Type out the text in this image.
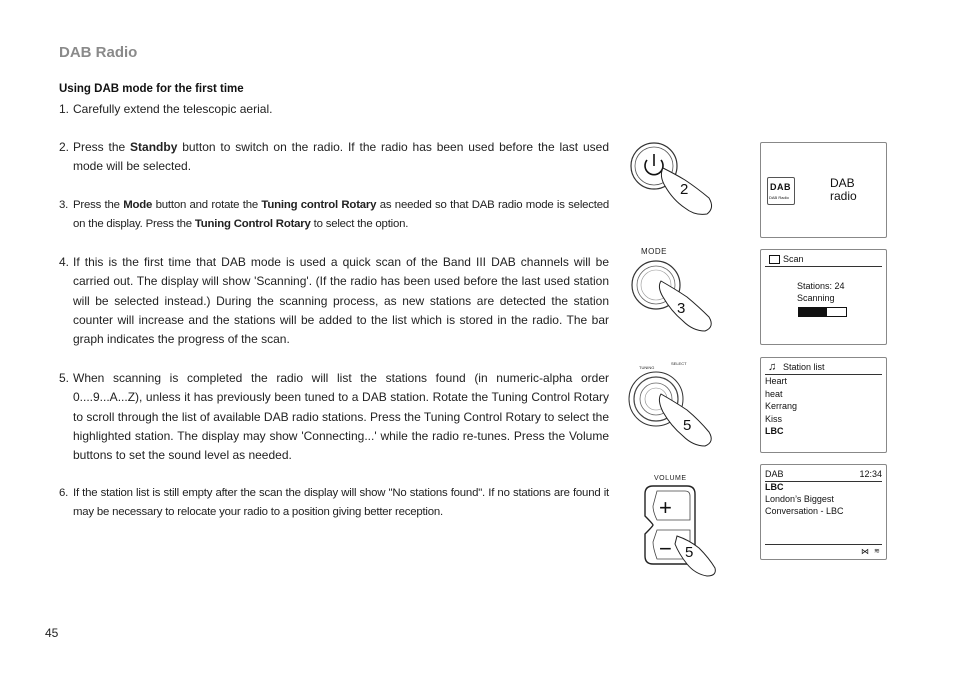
DAB Radio
Using DAB mode for the first time
1. Carefully extend the telescopic aerial.
2. Press the Standby button to switch on the radio. If the radio has been used before the last used mode will be selected.
3. Press the Mode button and rotate the Tuning control Rotary as needed so that DAB radio mode is selected on the display. Press the Tuning Control Rotary to select the option.
4. If this is the first time that DAB mode is used a quick scan of the Band III DAB channels will be carried out. The display will show 'Scanning'. (If the radio has been used before the last used station will be selected instead.) During the scanning process, as new stations are detected the station counter will increase and the stations will be added to the list which is stored in the radio. The bar graph indicates the progress of the scan.
5. When scanning is completed the radio will list the stations found (in numeric-alpha order 0....9...A...Z), unless it has previously been tuned to a DAB station. Rotate the Tuning Control Rotary to scroll through the list of available DAB radio stations. Press the Tuning Control Rotary to select the highlighted station. The display may show 'Connecting...' while the radio re-tunes. Press the Volume buttons to set the sound level as needed.
6. If the station list is still empty after the scan the display will show "No stations found". If no stations are found it may be necessary to relocate your radio to a position giving better reception.
45
2
MODE
3
TUNING
SELECT
5
VOLUME
+
− 5
DAB
DAB Radio
DAB
radio
Scan
Stations: 24
Scanning
♫ Station list
Heart
heat
Kerrang
Kiss
LBC
DAB	12:34
LBC
London’s Biggest
Conversation - LBC
⋈ ≋
